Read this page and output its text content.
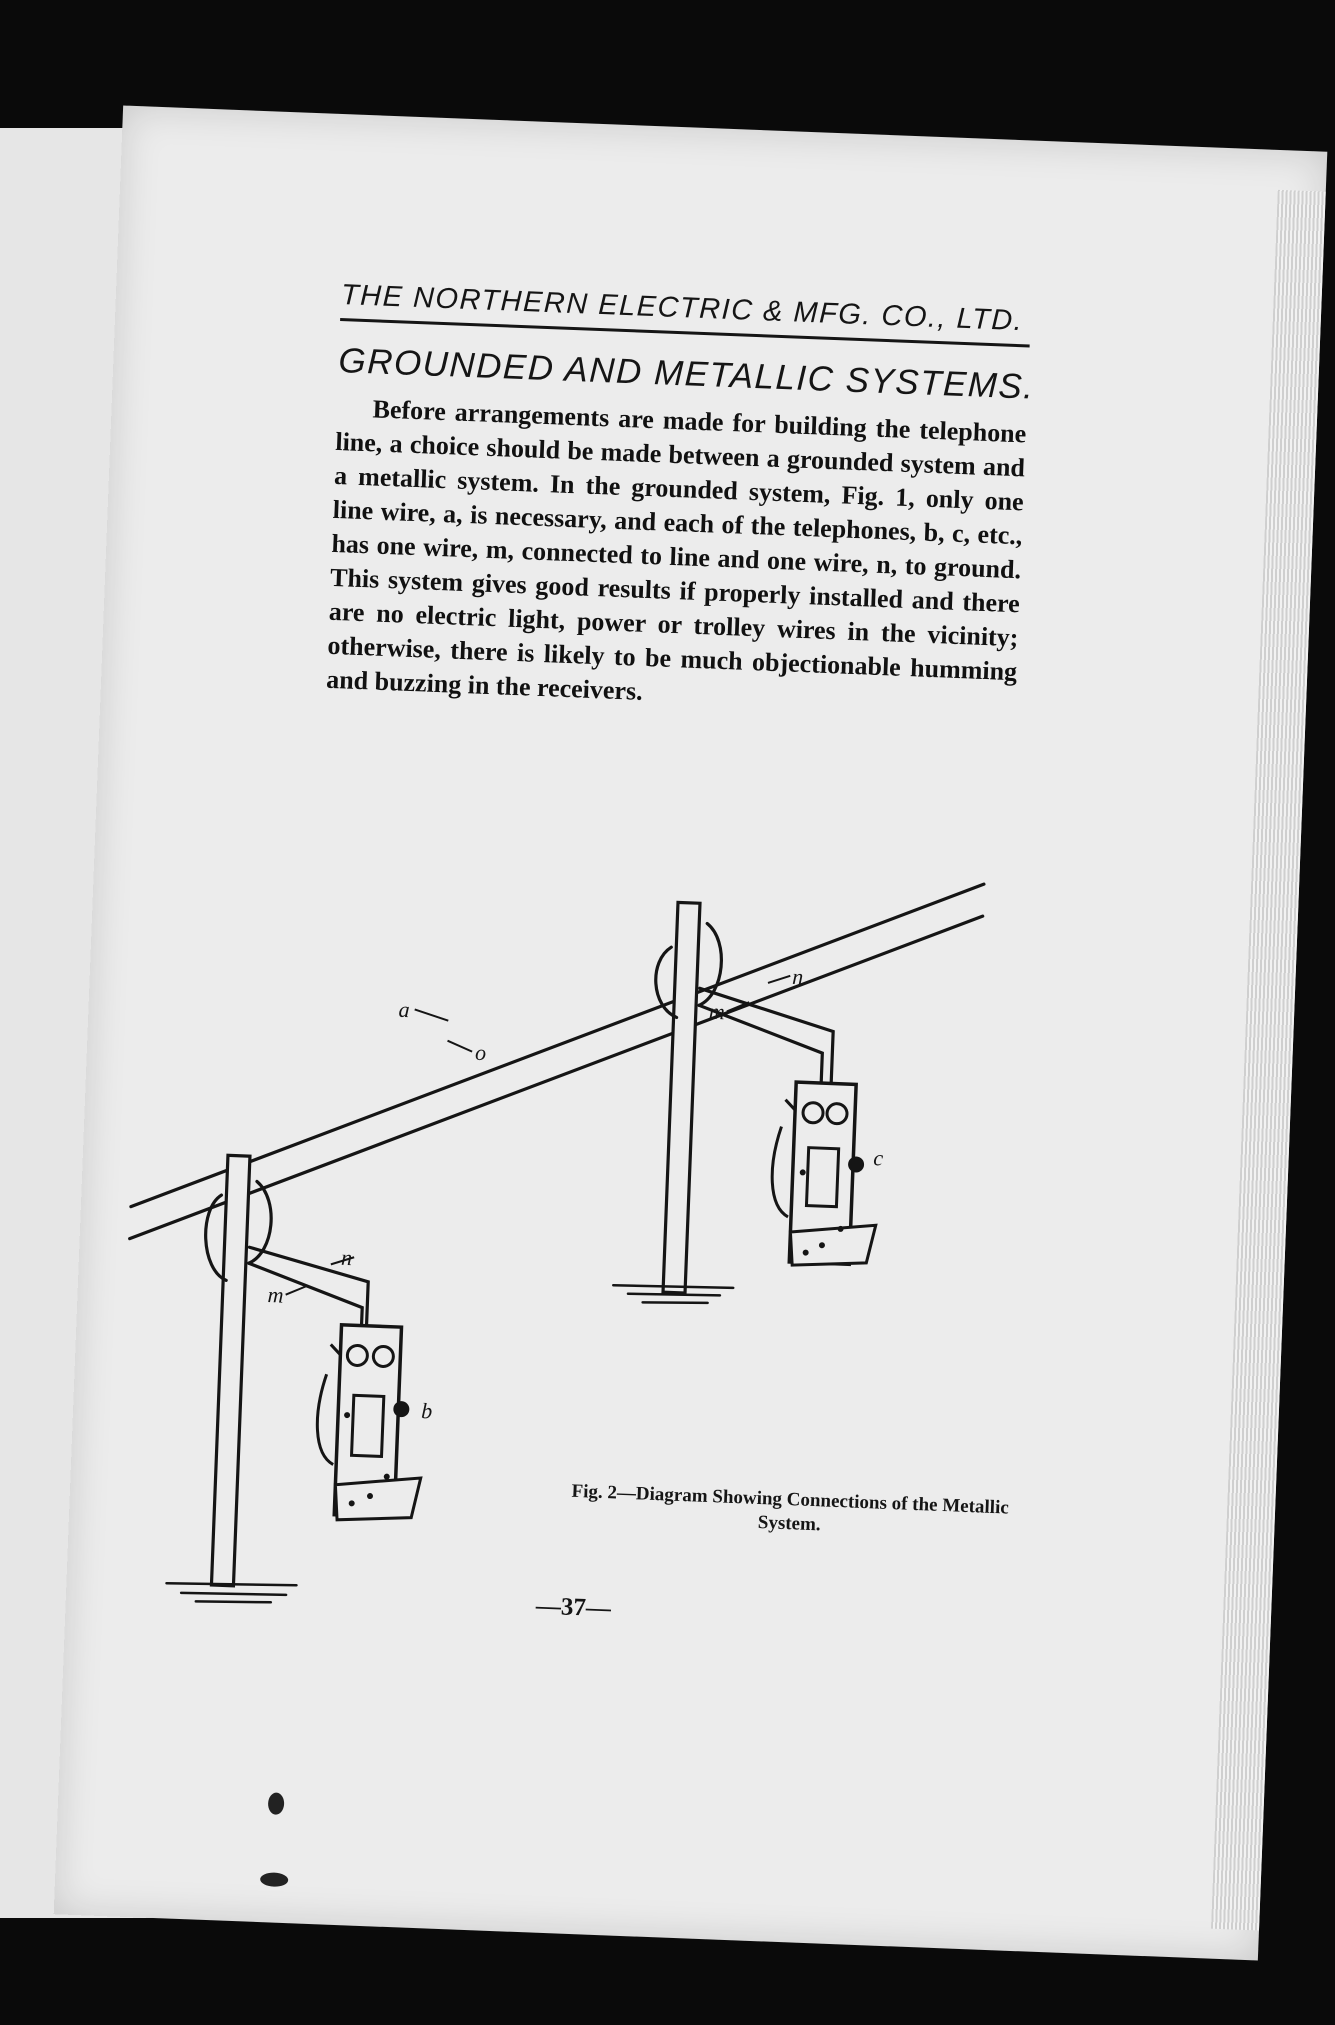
THE NORTHERN ELECTRIC & MFG. CO., LTD.
GROUNDED AND METALLIC SYSTEMS.

Before arrangements are made for building the telephone line, a choice should be made between a grounded system and a metallic system. In the grounded system, Fig. 1, only one line wire, a, is necessary, and each of the telephones, b, c, etc., has one wire, m, connected to line and one wire, n, to ground. This system gives good results if properly installed and there are no electric light, power or trolley wires in the vicinity; otherwise, there is likely to be much objectionable humming and buzzing in the receivers.

a
o
n
m
n
m
b
c
Fig. 2—Diagram Showing Connections of the Metallic System.
—37—
